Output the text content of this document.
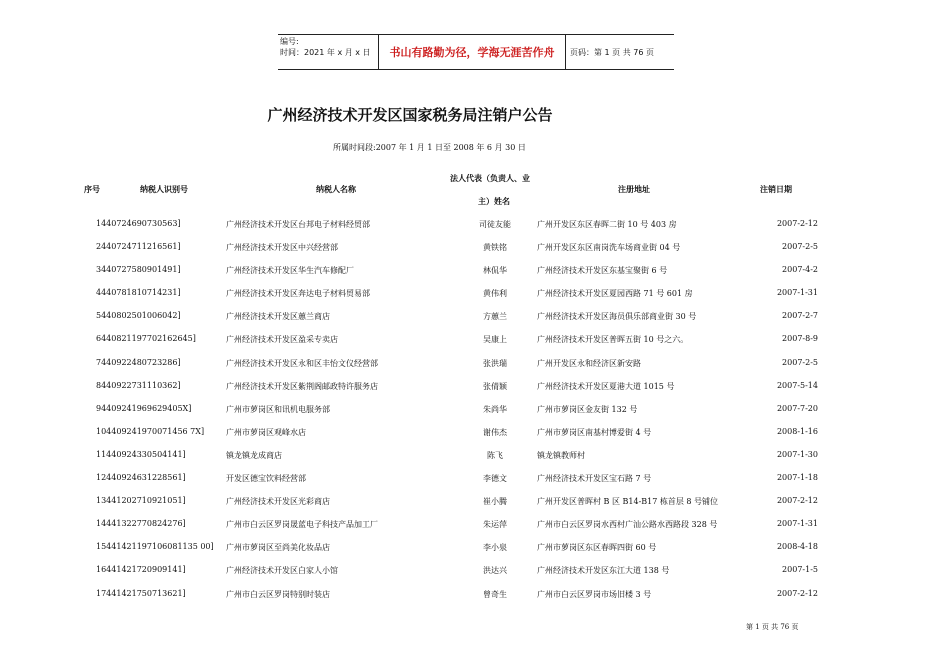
编号:
时间：2021 年 x 月 x 日	书山有路勤为径，学海无涯苦作舟	页码：第 1 页 共 76 页
广州经济技术开发区国家税务局注销户公告
所属时间段:2007 年 1 月 1 日至 2008 年 6 月 30 日
序号	纳税人识别号	纳税人名称
法人代表（负责人、业
主）姓名
注册地址	注销日期
1440724690730563]	广州经济技术开发区台邦电子材料经贸部	司徒友能	广州开发区东区春晖二街 10 号 403 房	2007-2-12
2440724711216561]	广州经济技术开发区中兴经营部	黄铁铭	广州开发区东区南岗洗车场商业街 04 号	2007-2-5
3440727580901491]	广州经济技术开发区华生汽车修配厂	林侃华	广州经济技术开发区东基宝聚街 6 号	2007-4-2
4440781810714231]	广州经济技术开发区奔达电子材料贸易部	黄伟利	广州经济技术开发区夏园西路 71 号 601 房	2007-1-31
5440802501006042]	广州经济技术开发区蕙兰商店	方蕙兰	广州经济技术开发区海员俱乐部商业街 30 号	2007-2-7
6440821197702162645]	广州经济技术开发区盈采专卖店	吴康上	广州经济技术开发区普晖五街 10 号之六。	2007-8-9
7440922480723286]	广州经济技术开发区永和区丰怡文仪经营部	张洪瑞	广州开发区永和经济区新安路	2007-2-5
8440922731110362]	广州经济技术开发区紫荆阁邮政特许服务店	张倩颖	广州经济技术开发区夏港大道 1015 号	2007-5-14
94409241969629405X]	广州市萝岗区和讯机电服务部	朱尚华	广州市萝岗区金友街 132 号	2007-7-20
104409241970071456 7X]	广州市萝岗区观峰水店	谢伟杰	广州市萝岗区南基村博爱街 4 号	2008-1-16
11440924330504141]	镇龙镇龙成商店	陈飞	镇龙镇教师村	2007-1-30
12440924631228561]	开发区德宝饮料经营部	李德文	广州经济技术开发区宝石路 7 号	2007-1-18
13441202710921051]	广州经济技术开发区光彩商店	崔小腾	广州开发区普晖村 B 区 B14-B17 栋首层 8 号铺位	2007-2-12
14441322770824276]	广州市白云区罗岗晟蓝电子科技产品加工厂	朱运萍	广州市白云区罗岗水西村广汕公路水西路段 328 号	2007-1-31
15441421197106081135 00] 广州市萝岗区至尚美化妆品店	李小泉	广州市萝岗区东区春晖四街 60 号	2008-4-18
16441421720909141]	广州经济技术开发区白家人小馆	洪达兴	广州经济技术开发区东江大道 138 号	2007-1-5
17441421750713621]	广州市白云区罗岗特别时装店	曾奇生	广州市白云区罗岗市场旧楼 3 号	2007-2-12
第 1 页 共 76 页
